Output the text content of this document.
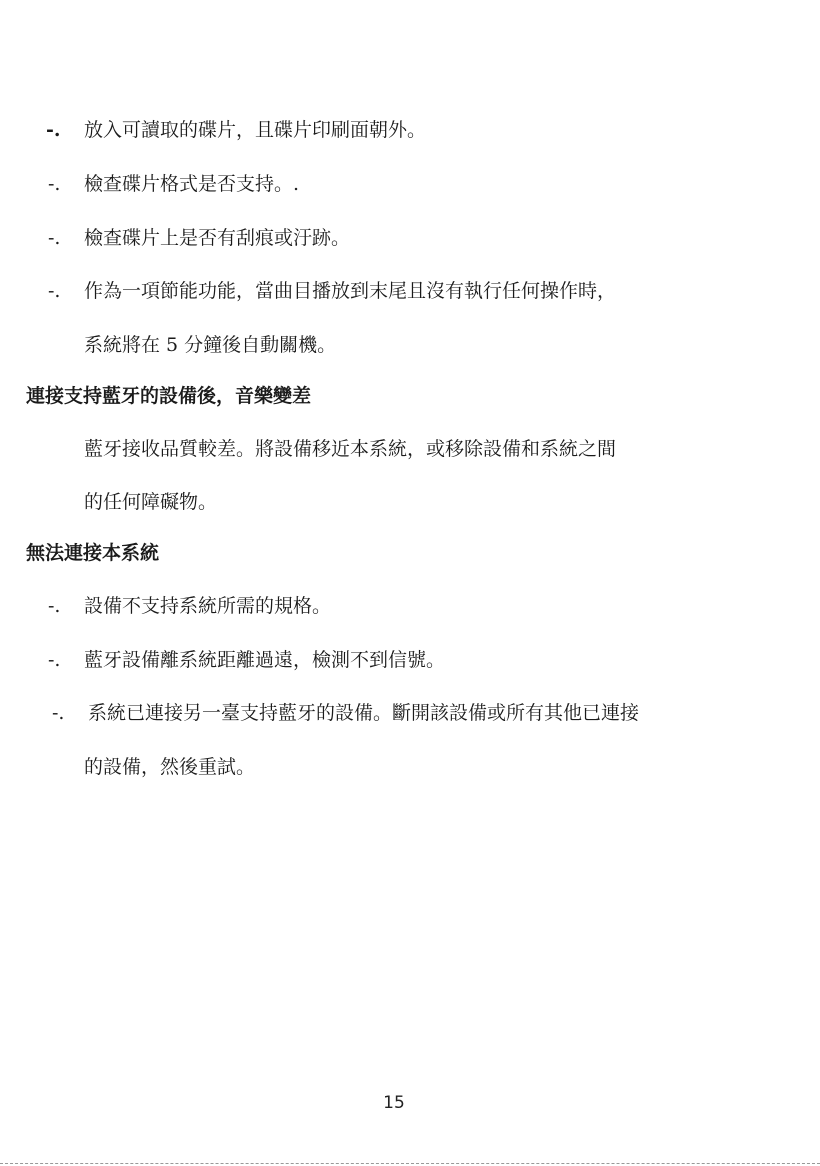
-. 放入可讀取的碟片，且碟片印刷面朝外。
-. 檢查碟片格式是否支持。.
-. 檢查碟片上是否有刮痕或汙跡。
-. 作為一項節能功能，當曲目播放到末尾且沒有執行任何操作時，
系統將在 5 分鐘後自動關機。
連接支持藍牙的設備後，音樂變差
藍牙接收品質較差。將設備移近本系統，或移除設備和系統之間
的任何障礙物。
無法連接本系統
-. 設備不支持系統所需的規格。
-. 藍牙設備離系統距離過遠，檢測不到信號。
-. 系統已連接另一臺支持藍牙的設備。斷開該設備或所有其他已連接
的設備，然後重試。
15
